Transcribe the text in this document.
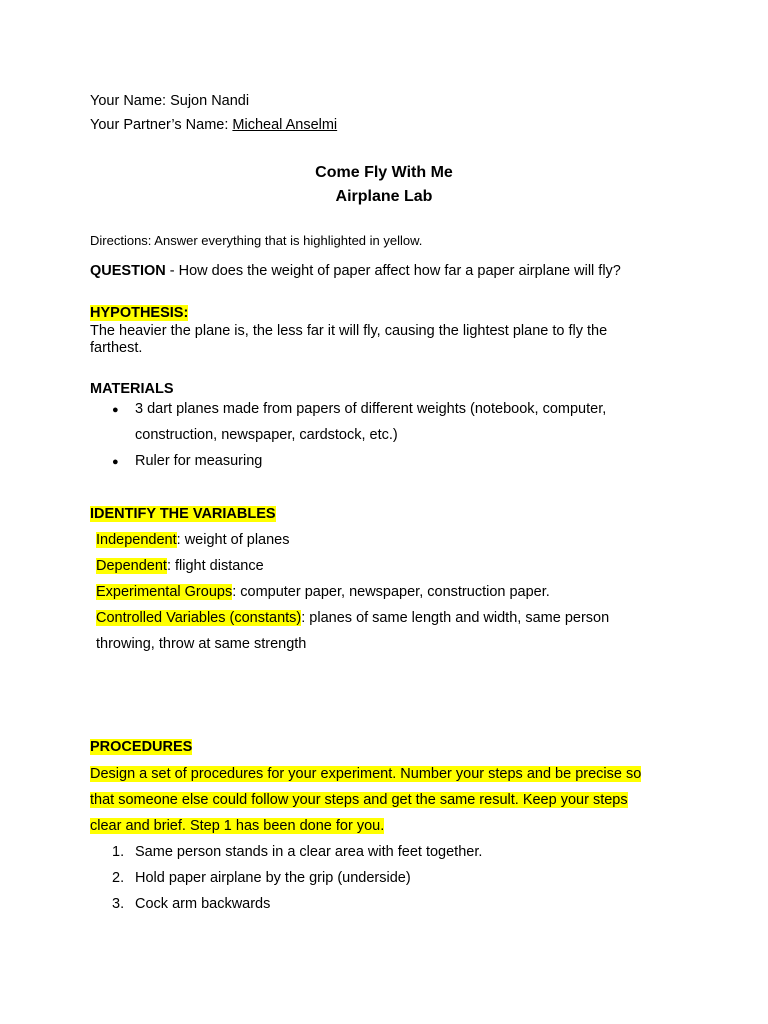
Your Name: Sujon Nandi
Your Partner’s Name: Micheal Anselmi
Come Fly With Me
Airplane Lab
Directions: Answer everything that is highlighted in yellow.
QUESTION - How does the weight of paper affect how far a paper airplane will fly?
HYPOTHESIS:
The heavier the plane is, the less far it will fly, causing the lightest plane to fly the
farthest.
MATERIALS
● 3 dart planes made from papers of different weights (notebook, computer,
construction, newspaper, cardstock, etc.)
● Ruler for measuring
IDENTIFY THE VARIABLES
Independent: weight of planes
Dependent: flight distance
Experimental Groups: computer paper, newspaper, construction paper.
Controlled Variables (constants): planes of same length and width, same person
throwing, throw at same strength
PROCEDURES
Design a set of procedures for your experiment. Number your steps and be precise so
that someone else could follow your steps and get the same result. Keep your steps
clear and brief. Step 1 has been done for you.
1. Same person stands in a clear area with feet together.
2. Hold paper airplane by the grip (underside)
3. Cock arm backwards
